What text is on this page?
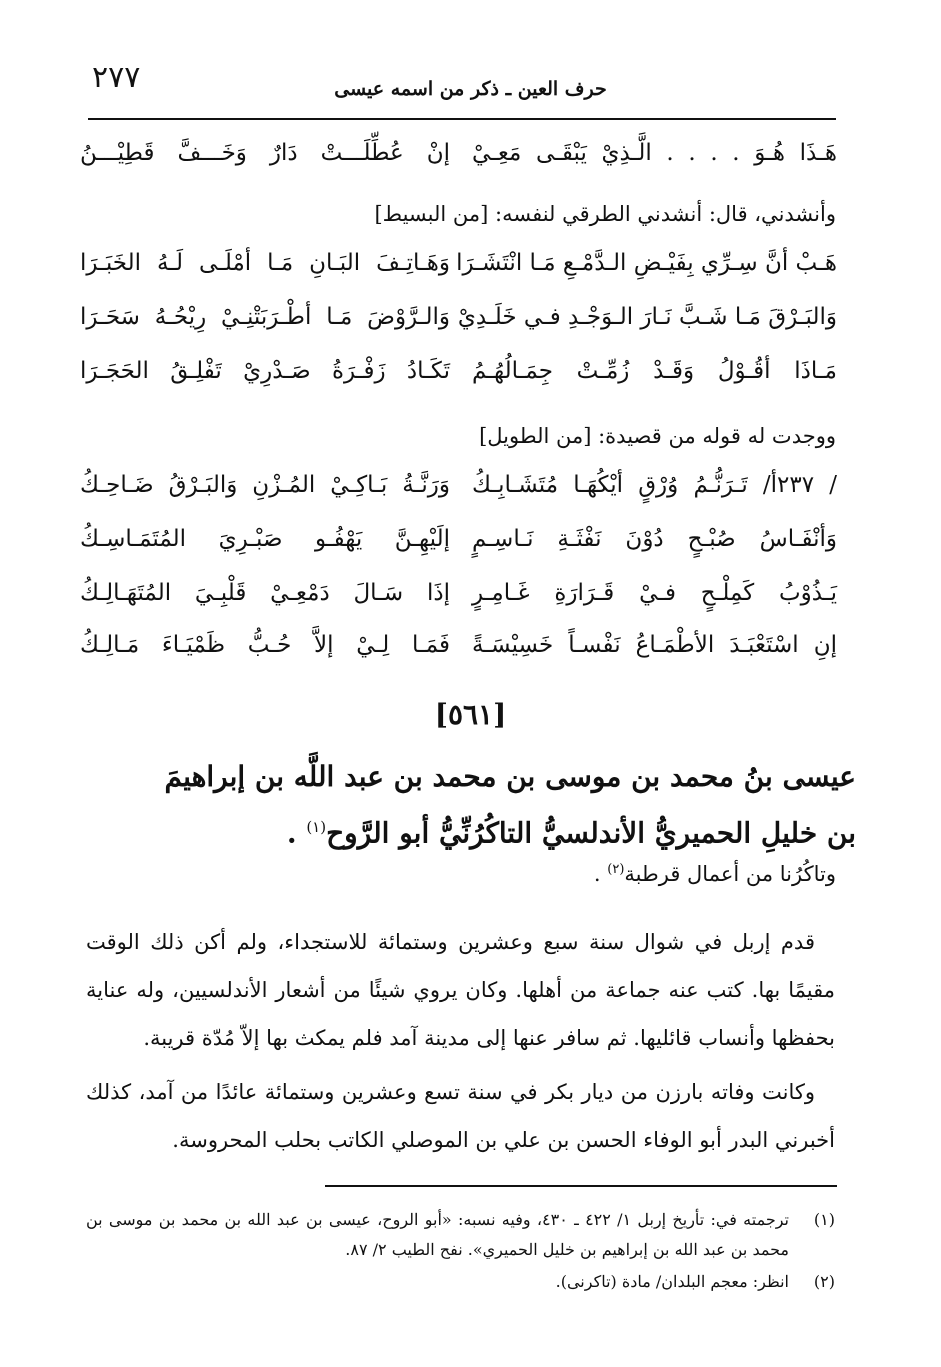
٢٧٧	حرف العين ـ ذكر من اسمه عيسى
هَـذَا هُـوَ . . . . الَّـذِيْ يَبْقَـى مَعِـيْ
إنْ عُطِّلَـــتْ دَارٌ وَخَـــفَّ قَطِيْـــنُ
وأنشدني، قال: أنشدني الطرقي لنفسه: [من البسيط]
هَـبْ أنَّ سِـرِّي بِفَيْـضِ الـدَّمْـعِ مَـا انْتَشَـرَا
وَهَـاتِـفَ البَـانِ مَـا أمْلَـى لَـهُ الخَبَـرَا
وَالبَـرْقَ مَـا شَـبَّ نَـارَ الـوَجْـدِ فـي خَلَـدِيْ
وَالـرَّوْضَ مَـا أطْـرَبَتْنِـيْ رِيْحُـهُ سَحَـرَا
مَـاذَا أقُـوْلُ وَقَـدْ زُمِّـتْ جِمَـالُهُـمُ
تَكَـادُ زَفْـرَةُ صَـدْرِيْ تَفْلِـقُ الحَجَـرَا
ووجدت له قوله من قصيدة: [من الطويل]
/ ٢٣٧أ/ تَـرَنُّـمُ وُرْقٍ أيْكُهَـا مُتَشَـابِـكُ
وَرَنَّـةُ بَـاكِـيْ المُـزْنِ وَالبَـرْقُ ضَـاحِـكُ
وَأنْفَـاسُ صُبْـحٍ دُوْنَ نَفْثَـةِ نَـاسِـمٍ
إلَيْهِـنَّ يَهْفُـو صَبْـرِيَ المُتَمَـاسِـكُ
يَـذُوْبُ كَمِلْـحٍ فـيْ قَـرَارَةِ غَـامِـرٍ
إذَا سَـالَ دَمْعِـيْ قَلْبِـيَ المُتَهَـالِـكُ
إنِ اسْتَعْبَـدَ الأطْمَـاعُ نَفْسـاً خَسِيْسَـةً
فَمَـا لِـيْ إلاَّ حُـبُّ ظَمْيَـاءَ مَـالِـكُ
[٥٦١]
عيسى بنُ محمد بن موسى بن محمد بن عبد اللَّه بن إبراهيمَ بن خليلِ الحميريُّ الأندلسيُّ التاكُرُنِّيُّ أبو الرَّوح$^{(١)}$ .
وتاكُرُنا من أعمال قرطبة$^{(٢)}$ .

قدم إربل في شوال سنة سبع وعشرين وستمائة للاستجداء، ولم أكن ذلك الوقت مقيمًا بها. كتب عنه جماعة من أهلها. وكان يروي شيئًا من أشعار الأندلسيين، وله عناية بحفظها وأنساب قائليها. ثم سافر عنها إلى مدينة آمد فلم يمكث بها إلاّ مُدّة قريبة.

وكانت وفاته بارزن من ديار بكر في سنة تسع وعشرين وستمائة عائدًا من آمد، كذلك أخبرني البدر أبو الوفاء الحسن بن علي بن الموصلي الكاتب بحلب المحروسة.

(١)
ترجمته في: تأريخ إربل ١/ ٤٢٢ ـ ٤٣٠، وفيه نسبه: «أبو الروح، عيسى بن عبد الله بن محمد بن موسى بن محمد بن عبد الله بن إبراهيم بن خليل الحميري». نفح الطيب ٢/ ٨٧.
(٢)
انظر: معجم البلدان/ مادة (تاكرنى).
